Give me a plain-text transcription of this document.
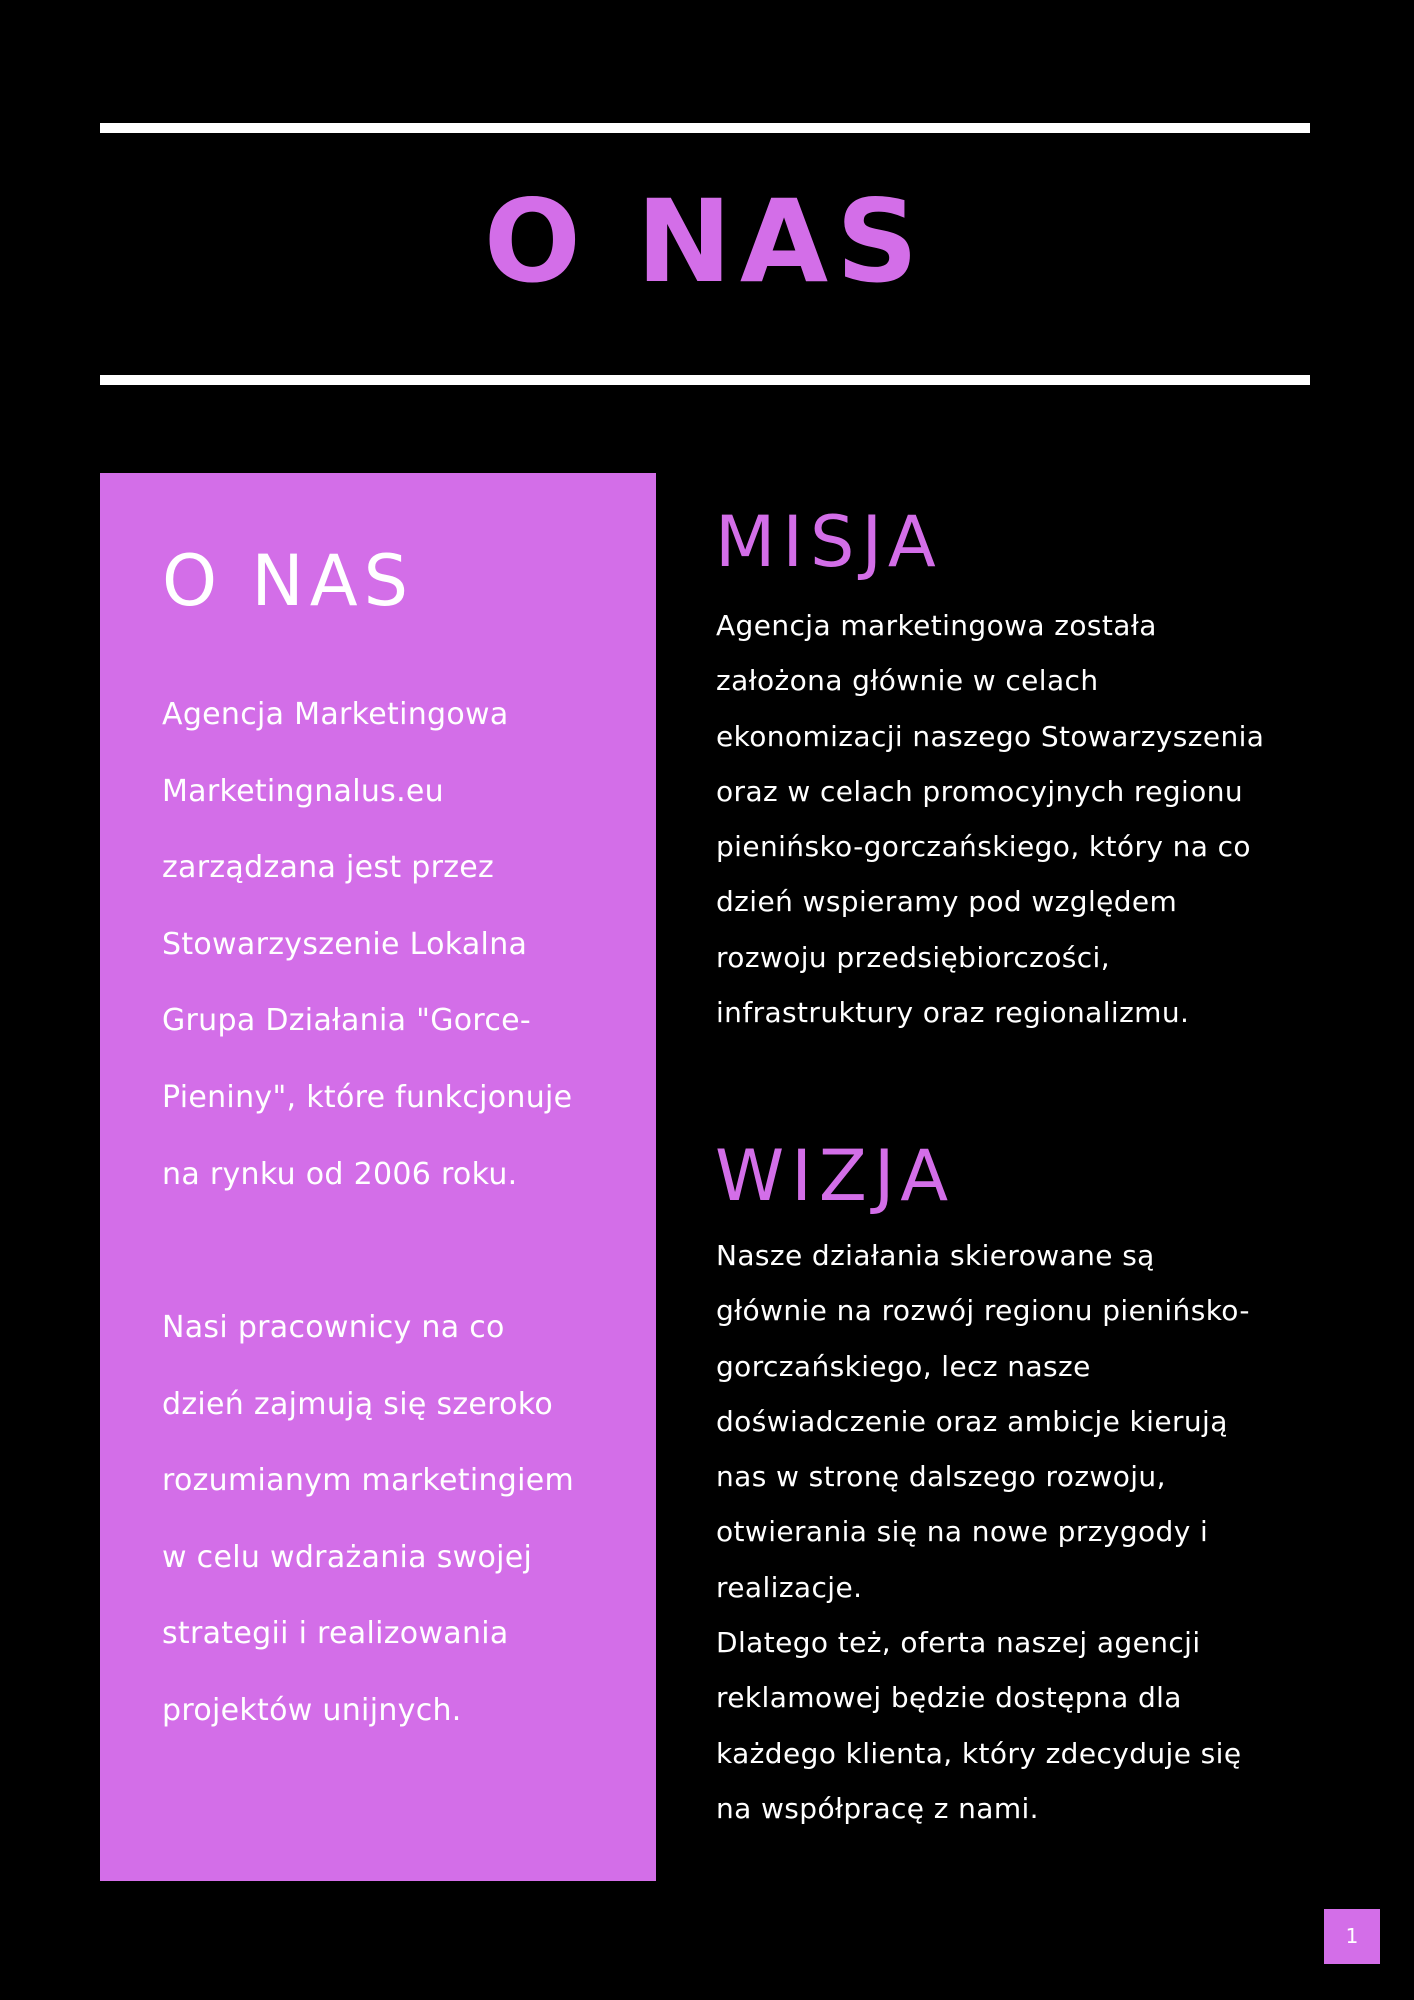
O NAS
O NAS
Agencja Marketingowa
Marketingnalus.eu
zarządzana jest przez
Stowarzyszenie Lokalna
Grupa Działania "Gorce-
Pieniny", które funkcjonuje
na rynku od 2006 roku.
Nasi pracownicy na co
dzień zajmują się szeroko
rozumianym marketingiem
w celu wdrażania swojej
strategii i realizowania
projektów unijnych.
MISJA
Agencja marketingowa została
założona głównie w celach
ekonomizacji naszego Stowarzyszenia
oraz w celach promocyjnych regionu
pienińsko-gorczańskiego, który na co
dzień wspieramy pod względem
rozwoju przedsiębiorczości,
infrastruktury oraz regionalizmu.
WIZJA
Nasze działania skierowane są
głównie na rozwój regionu pienińsko-
gorczańskiego, lecz nasze
doświadczenie oraz ambicje kierują
nas w stronę dalszego rozwoju,
otwierania się na nowe przygody i
realizacje.
Dlatego też, oferta naszej agencji
reklamowej będzie dostępna dla
każdego klienta, który zdecyduje się
na współpracę z nami.
1
